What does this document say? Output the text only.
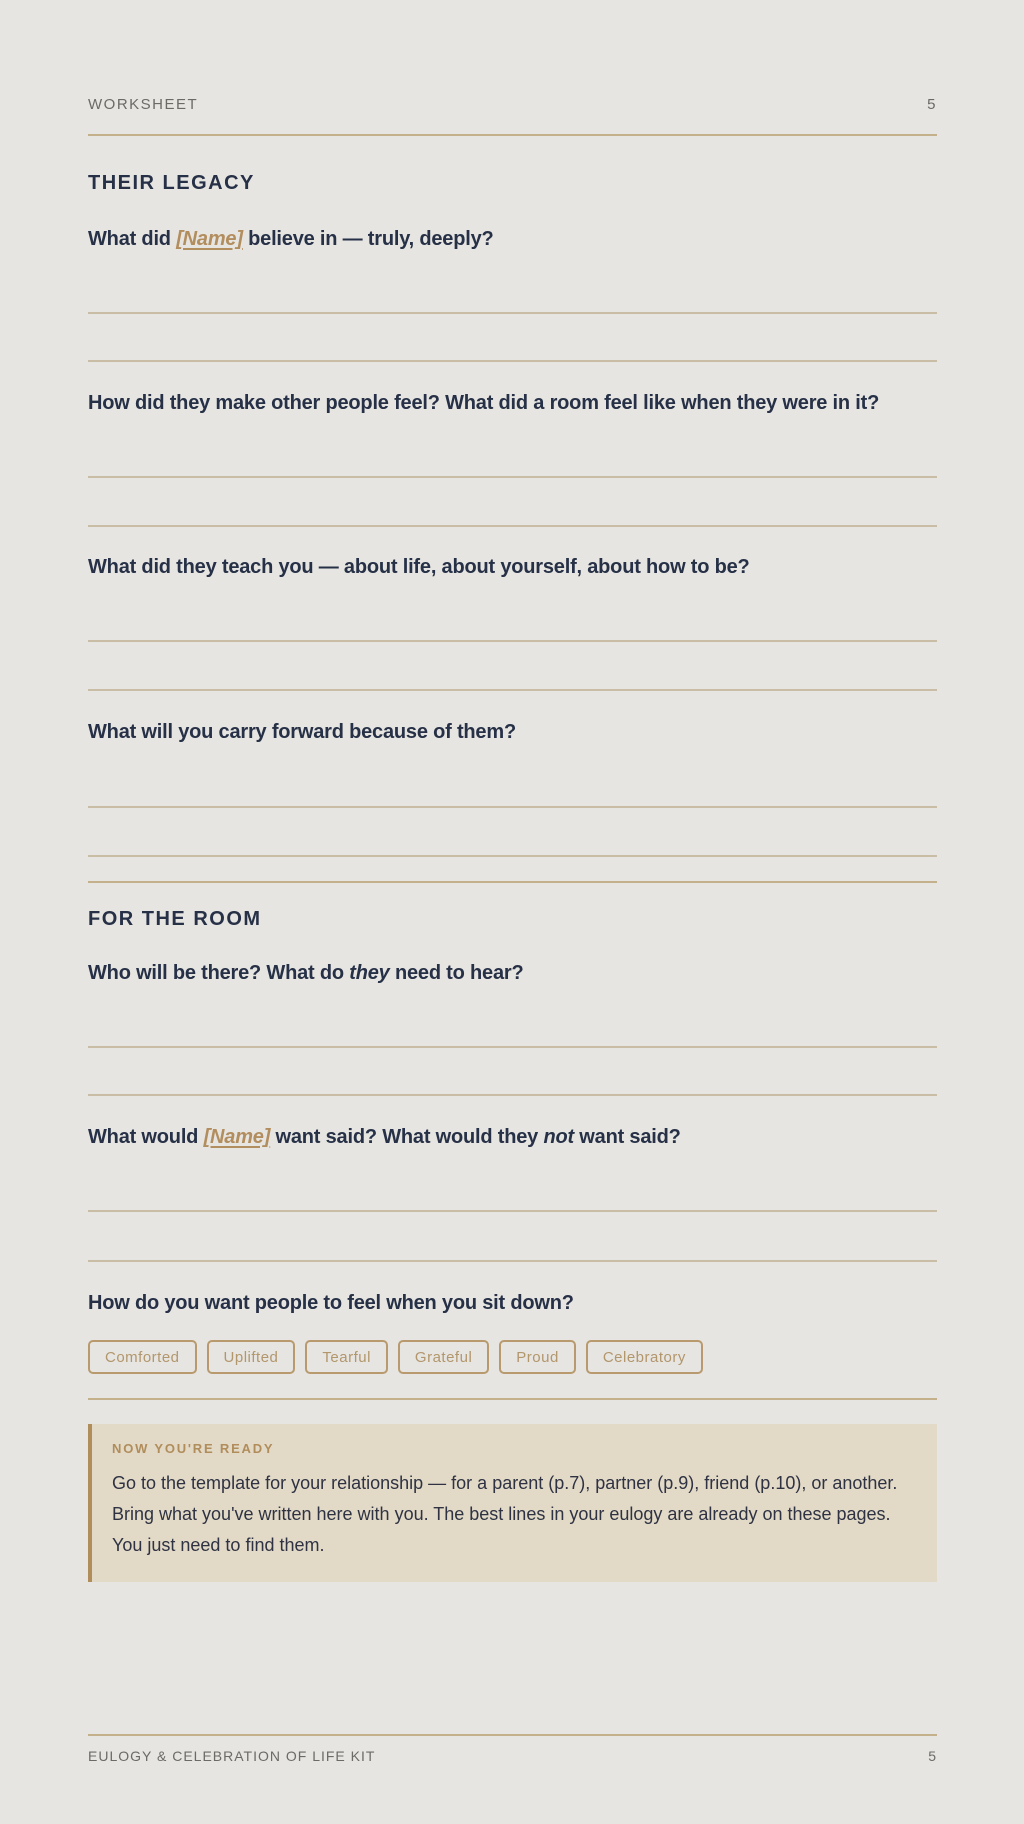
WORKSHEET	5
THEIR LEGACY
What did [Name] believe in — truly, deeply?
How did they make other people feel? What did a room feel like when they were in it?
What did they teach you — about life, about yourself, about how to be?
What will you carry forward because of them?
FOR THE ROOM
Who will be there? What do they need to hear?
What would [Name] want said? What would they not want said?
How do you want people to feel when you sit down?
Comforted	Uplifted	Tearful	Grateful	Proud	Celebratory
NOW YOU'RE READY
Go to the template for your relationship — for a parent (p.7), partner (p.9), friend (p.10), or another. Bring what you've written here with you. The best lines in your eulogy are already on these pages. You just need to find them.
EULOGY & CELEBRATION OF LIFE KIT	5
